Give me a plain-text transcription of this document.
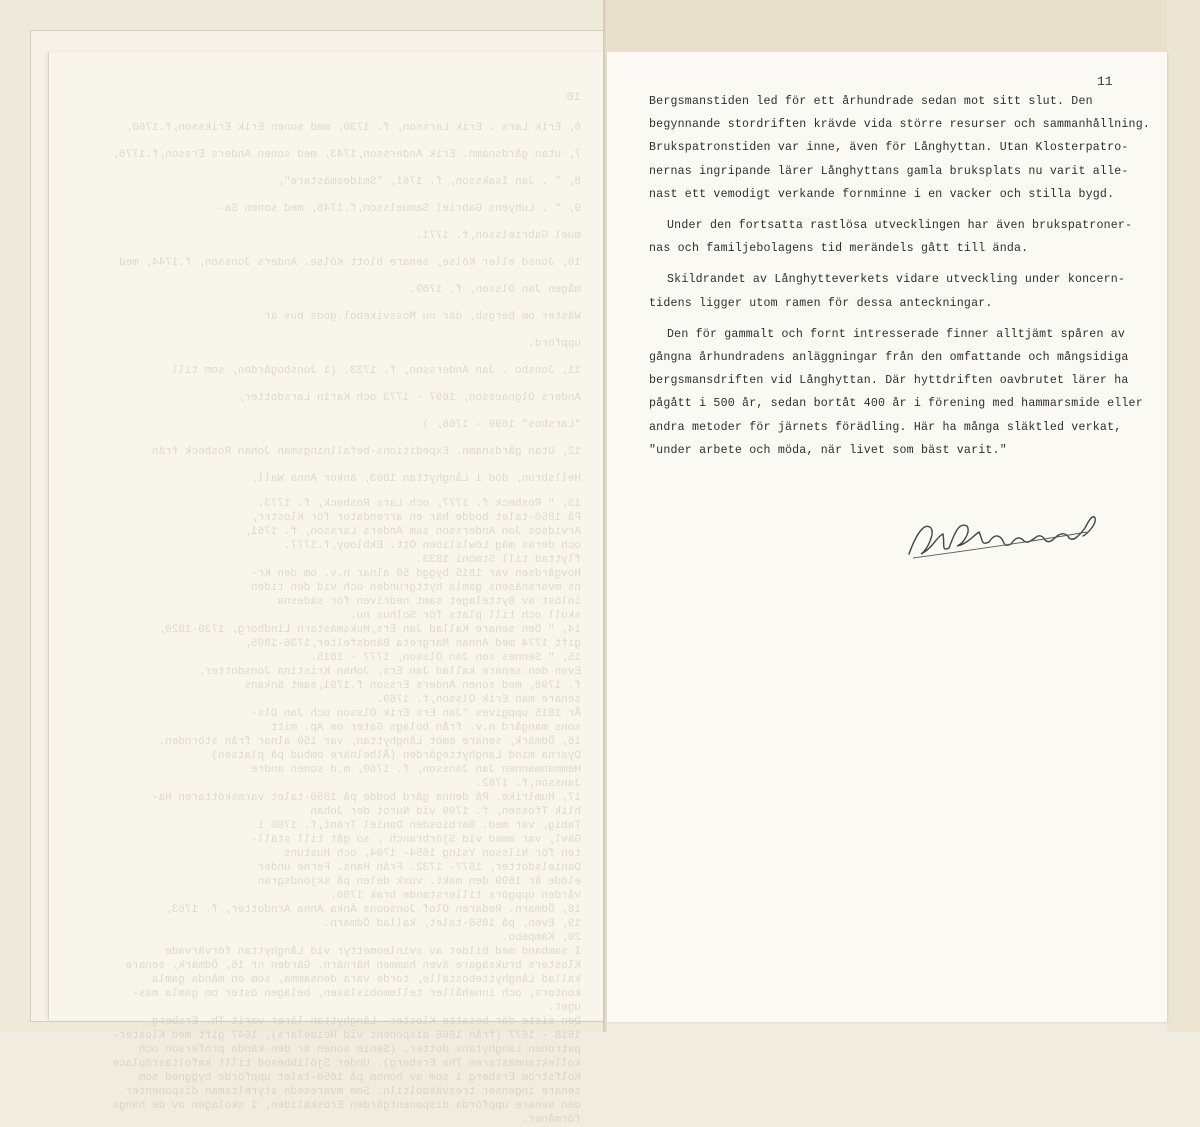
10
6, Erik Lars . Erik Larsson, f. 1730, med sonen Erik Eriksson,f.1760,
7, utan gårdsnamn. Erik Andersson,1743, med sonen Anders Ersson,f.1776,
8, " . Jan Isaksson, f. 1761, "Smidesmästare",
9, " . Luhyens Gabriel Samuelsson,f.1746, med sonen Sa-
muel Gabrielsson,f. 1771.
10, Jonsd eller Kölse, senare blott Kölse. Anders Jonsson, f.1744, med
mågen Jan Olsson, f. 1769.
Wäster om Bergsb, där nu Mossvikebol.gods bus är
uppförd.
11, Jonsbo . Jan Andersson, f. 1733. (1 Jonsbogården, som till
Anders Olgnaesson, 1697 - 1773 och Karin Larsdotter,
"Larsbos" 1699 - 1766, )
12, Utan gårdsnamn. Expeditions-befallningsman Johan Rosbeck från
Hellsbrun, död i Långhyttan 1803, änkor Anna Wall,
13, " Rosbeck f. 1777, och Lars Rosbeck, f. 1773.
På 1850-talet bodde här en arrendator för Klostrr,
Arvidsos Jon Andersson sam Anders Larsson, f. 1761,
och deras mäg Löwlsliöen Ott. Ekblooy,f.1777.
flyttad till Stmöni 1833.
Hovgårdsen var 1815 byggd 50 alnar n.v. om den Kr-
ns mvarsnäsens gamla hyttgrunden och vid den tiden
inlöst av Byttelaget samt nedriven för sädesna
skull och till plats för Solhus nu.
14, " Den senare Kallad Jan Ers,Huksmästarn Lindborg, 1730-1820,
gift 1774 med Annan Margreta Bändsfelter,1736-1805,
15, " Sennes son Jan Olsson, 1777 - 1815.
Even den senare kallad Jan Ers, Johan Kristina Jonsdotter,
f. 1796, med sonen Anders Ersson f.1791,samt änkans
senare man Erik Olsson,f. 1769.
År 1815 uppgives "Jan Ers Erik Olsson och Jan Ols-
sons mangård n.v. från bolags Gater om Ap. mitt
16, Ödmärk, senare emot Långhyttan, var 150 alnar från störnden.
Dyarna mind Langhyttegården (Ålhelnäre ombud på platsen)
Hemmanmannen Jan Jansson, f. 1760, m.d sonen andre
Jansson,f. 1782.
17, Humlrike. På denna gård bodde på 1850-talet varmsköttaren Ha-
hlik Tfossen, f. 1709 vid Nurot der Johan
Tabig, var med. Barbiosden Daniel Tränt,f. 1700 i
Gävl, var amed vid Sjörbranch , so gåt till ställ-
ten för Nilsson Ysing 1654- 1704, och Hustuns
Danielsdotter, 1677- 1732. Från Hans. Ferne under
elöde år 1699 den makt. vuxk delen på skjöndsgran
vården uppgörs tillerstande brak 1700.
18, Ödmarn. Redaren Olof Jonsoons Änka Anna Arndotter, f. 1763,
19, Even, på 1850-talet, kallad Ödmarn.
20, Kämpebo.
I samband med bildet av svinleomettyr vid Långhyttan förvärvade
Klosters bruksägare även hammen härnärn. Gärden nr 16, Ödmärk, senare
kallad Långhytteboställe, torde vara densamma, som en månda gamla
kontors, och innehåller tellemobisläsen, belägen öster om gamla mas-
uget.
Den siste där besatte Kloster- Långhyttan lärer varit Th. Ersberg,
1618 - 1677 (från 1666 disponent vid Heidelärs), 1647 gift med Kloster-
patronen Langhytans dotter. (Senie sonen är den kända proferson och
kollektanmästaren Tha Ersberg). Under Sjölibbesod tillt kafoltäsröplace
Kolfström Ersberg i som av honom på 1650-talet uppförde byggned som
senare ingenser tresväsdoltiln. Som mvaresedn styreltsman disponenter
den senare uppförda disponentgården Eröskäliden, 1 skolagen av de hängs
förmåner.
11

Bergsmanstiden led för ett århundrade sedan mot sitt slut. Den
begynnande stordriften krävde vida större resurser och sammanhållning.
Brukspatronstiden var inne, även för Långhyttan. Utan Klosterpatro-
nernas ingripande lärer Långhyttans gamla bruksplats nu varit alle-
nast ett vemodigt verkande fornminne i en vacker och stilla bygd.

Under den fortsatta rastlösa utvecklingen har även brukspatroner-
nas och familjebolagens tid merändels gått till ända.

Skildrandet av Långhytteverkets vidare utveckling under koncern-
tidens ligger utom ramen för dessa anteckningar.

Den för gammalt och fornt intresserade finner alltjämt spåren av
gångna århundradens anläggningar från den omfattande och mångsidiga
bergsmansdriften vid Långhyttan. Där hyttdriften oavbrutet lärer ha
pågått i 500 år, sedan bortåt 400 år i förening med hammarsmide eller
andra metoder för järnets förädling. Här ha många släktled verkat,
"under arbete och möda, när livet som bäst varit."
